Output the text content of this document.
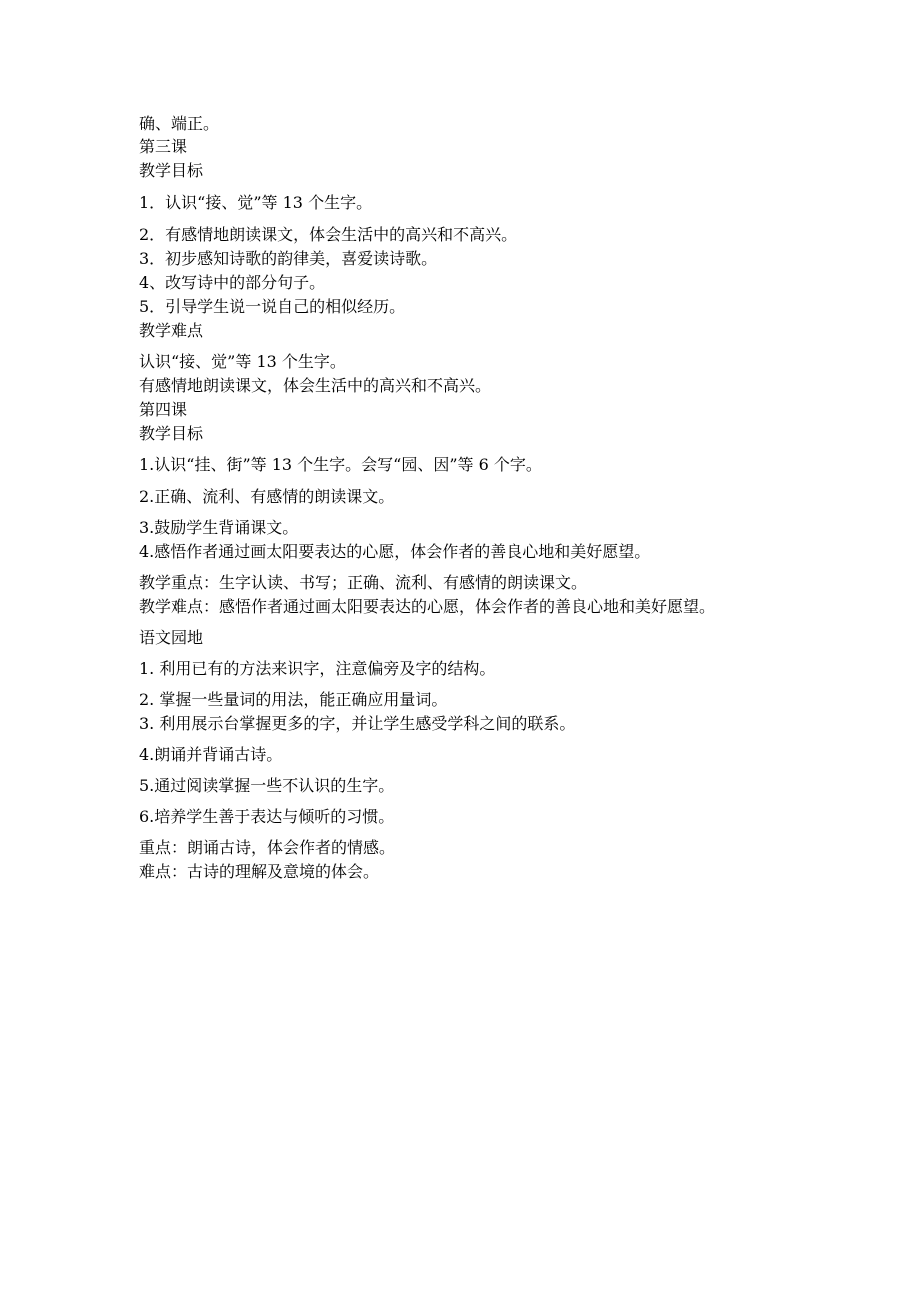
确、端正。
第三课
教学目标
1．认识“接、觉”等 13 个生字。
2．有感情地朗读课文，体会生活中的高兴和不高兴。
3．初步感知诗歌的韵律美，喜爱读诗歌。
4、改写诗中的部分句子。
5．引导学生说一说自己的相似经历。
教学难点
认识“接、觉”等 13 个生字。
有感情地朗读课文，体会生活中的高兴和不高兴。
第四课
教学目标
1.认识“挂、街”等 13 个生字。会写“园、因”等 6 个字。
2.正确、流利、有感情的朗读课文。
3.鼓励学生背诵课文。
4.感悟作者通过画太阳要表达的心愿，体会作者的善良心地和美好愿望。
教学重点：生字认读、书写；正确、流利、有感情的朗读课文。
教学难点：感悟作者通过画太阳要表达的心愿，体会作者的善良心地和美好愿望。
语文园地
1. 利用已有的方法来识字，注意偏旁及字的结构。
2. 掌握一些量词的用法，能正确应用量词。
3. 利用展示台掌握更多的字，并让学生感受学科之间的联系。
4.朗诵并背诵古诗。
5.通过阅读掌握一些不认识的生字。
6.培养学生善于表达与倾听的习惯。
重点：朗诵古诗，体会作者的情感。
难点：古诗的理解及意境的体会。
